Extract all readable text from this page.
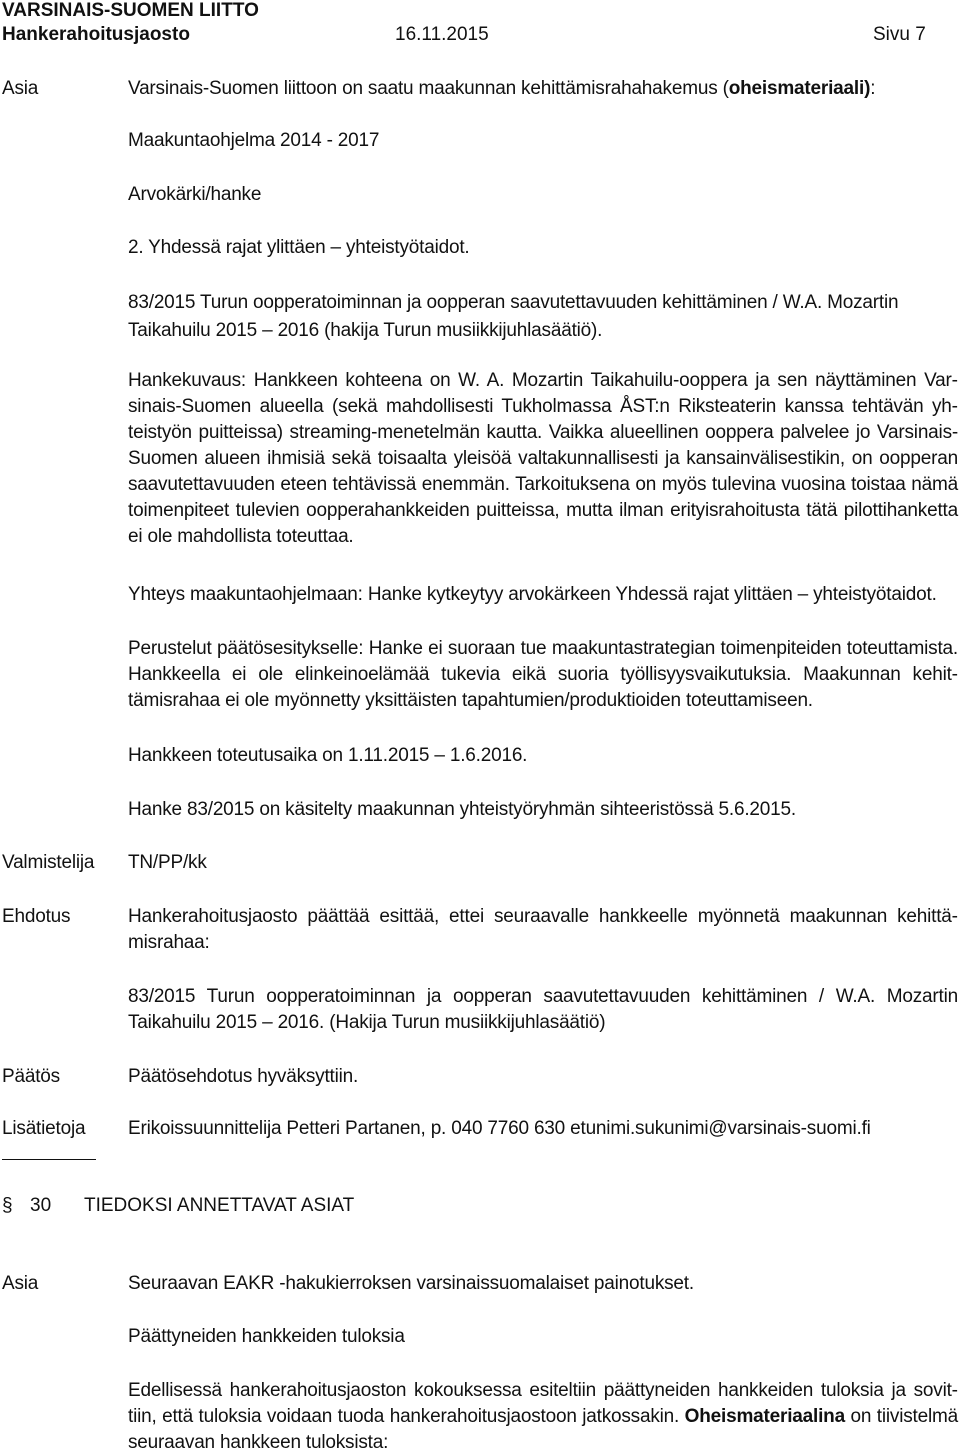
VARSINAIS-SUOMEN LIITTO
Hankerahoitusjaosto	16.11.2015	Sivu 7
Asia	Varsinais-Suomen liittoon on saatu maakunnan kehittämisrahahakemus (oheismateriaali):
Maakuntaohjelma 2014 - 2017
Arvokärki/hanke
2. Yhdessä rajat ylittäen – yhteistyötaidot.
83/2015 Turun oopperatoiminnan ja oopperan saavutettavuuden kehittäminen / W.A. Mozartin
Taikahuilu 2015 – 2016 (hakija Turun musiikkijuhlasäätiö).
Hankekuvaus: Hankkeen kohteena on W. A. Mozartin Taikahuilu-ooppera ja sen näyttäminen Varsinais-Suomen alueella (sekä mahdollisesti Tukholmassa ÅST:n Riksteaterin kanssa tehtävän yhteistyön puitteissa) streaming-menetelmän kautta. Vaikka alueellinen ooppera palvelee jo Varsinais-Suomen alueen ihmisiä sekä toisaalta yleisöä valtakunnallisesti ja kansainvälisestikin, on oopperan saavutettavuuden eteen tehtävissä enemmän. Tarkoituksena on myös tulevina vuosina toistaa nämä toimenpiteet tulevien oopperahankkeiden puitteissa, mutta ilman erityisrahoitusta tätä pilottihanketta ei ole mahdollista toteuttaa.
Yhteys maakuntaohjelmaan: Hanke kytkeytyy arvokärkeen Yhdessä rajat ylittäen – yhteistyötaidot.
Perustelut päätösesitykselle: Hanke ei suoraan tue maakuntastrategian toimenpiteiden toteuttamista. Hankkeella ei ole elinkeinoelämää tukevia eikä suoria työllisyysvaikutuksia. Maakunnan kehittämisrahaa ei ole myönnetty yksittäisten tapahtumien/produktioiden toteuttamiseen.
Hankkeen toteutusaika on 1.11.2015 – 1.6.2016.
Hanke 83/2015 on käsitelty maakunnan yhteistyöryhmän sihteeristössä 5.6.2015.
Valmistelija TN/PP/kk
Ehdotus	Hankerahoitusjaosto päättää esittää, ettei seuraavalle hankkeelle myönnetä maakunnan kehittämisrahaa:
83/2015 Turun oopperatoiminnan ja oopperan saavutettavuuden kehittäminen / W.A. Mozartin Taikahuilu 2015 – 2016. (Hakija Turun musiikkijuhlasäätiö)
Päätös	Päätösehdotus hyväksyttiin.
Lisätietoja Erikoissuunnittelija Petteri Partanen, p. 040 7760 630 etunimi.sukunimi@varsinais-suomi.fi
§ 30 TIEDOKSI ANNETTAVAT ASIAT
Asia	Seuraavan EAKR -hakukierroksen varsinaissuomalaiset painotukset.
Päättyneiden hankkeiden tuloksia
Edellisessä hankerahoitusjaoston kokouksessa esiteltiin päättyneiden hankkeiden tuloksia ja sovittiin, että tuloksia voidaan tuoda hankerahoitusjaostoon jatkossakin. Oheismateriaalina on tiivistelmä seuraavan hankkeen tuloksista:
